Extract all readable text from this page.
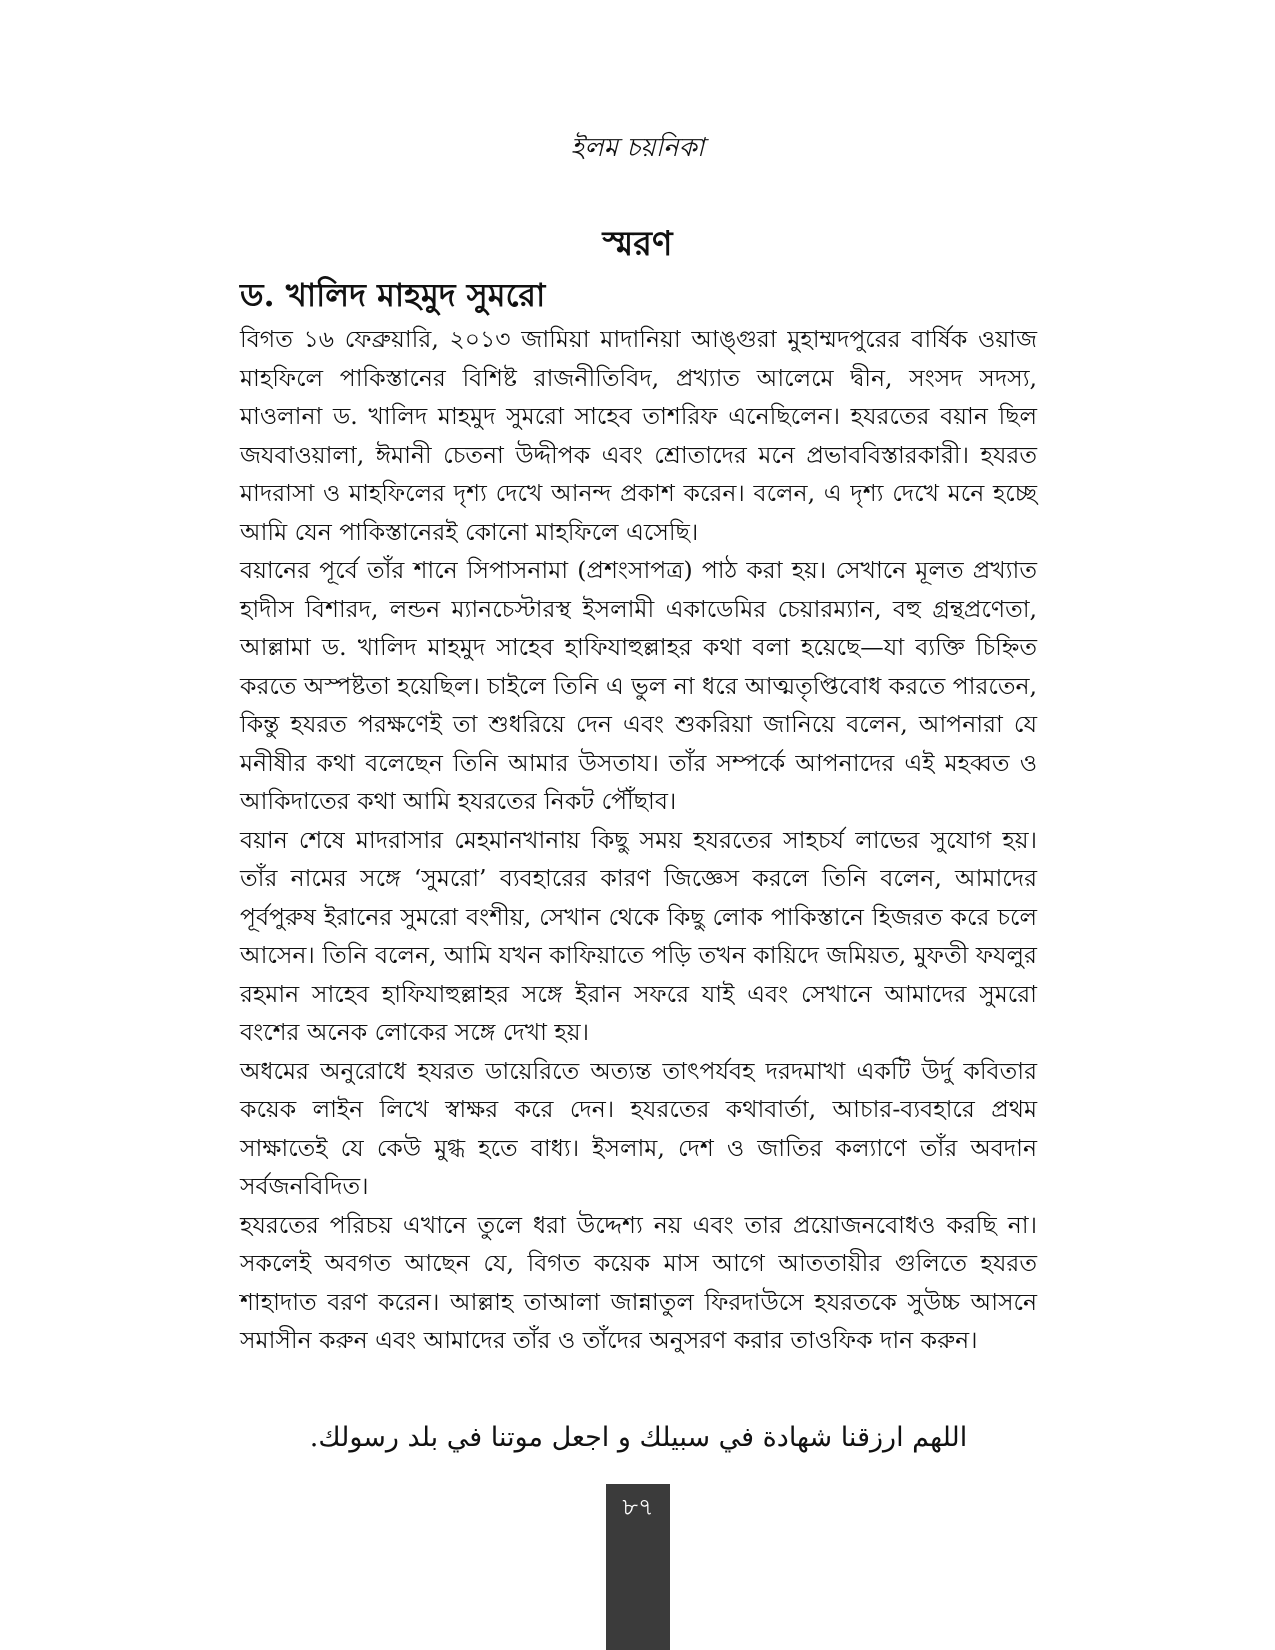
ইলম চয়নিকা
স্মরণ
ড. খালিদ মাহমুদ সুমরো

বিগত ১৬ ফেব্রুয়ারি, ২০১৩ জামিয়া মাদানিয়া আঙ্গুরা মুহাম্মদপুরের বার্ষিক ওয়াজ মাহফিলে পাকিস্তানের বিশিষ্ট রাজনীতিবিদ, প্রখ্যাত আলেমে দ্বীন, সংসদ সদস্য, মাওলানা ড. খালিদ মাহমুদ সুমরো সাহেব তাশরিফ এনেছিলেন। হযরতের বয়ান ছিল জযবাওয়ালা, ঈমানী চেতনা উদ্দীপক এবং শ্রোতাদের মনে প্রভাববিস্তারকারী। হযরত মাদরাসা ও মাহফিলের দৃশ্য দেখে আনন্দ প্রকাশ করেন। বলেন, এ দৃশ্য দেখে মনে হচ্ছে আমি যেন পাকিস্তানেরই কোনো মাহফিলে এসেছি।

বয়ানের পূর্বে তাঁর শানে সিপাসনামা (প্রশংসাপত্র) পাঠ করা হয়। সেখানে মূলত প্রখ্যাত হাদীস বিশারদ, লন্ডন ম্যানচেস্টারস্থ ইসলামী একাডেমির চেয়ারম্যান, বহু গ্রন্থপ্রণেতা, আল্লামা ড. খালিদ মাহমুদ সাহেব হাফিযাহুল্লাহর কথা বলা হয়েছে—যা ব্যক্তি চিহ্নিত করতে অস্পষ্টতা হয়েছিল। চাইলে তিনি এ ভুল না ধরে আত্মতৃপ্তিবোধ করতে পারতেন, কিন্তু হযরত পরক্ষণেই তা শুধরিয়ে দেন এবং শুকরিয়া জানিয়ে বলেন, আপনারা যে মনীষীর কথা বলেছেন তিনি আমার উসতায। তাঁর সম্পর্কে আপনাদের এই মহব্বত ও আকিদাতের কথা আমি হযরতের নিকট পৌঁছাব।

বয়ান শেষে মাদরাসার মেহমানখানায় কিছু সময় হযরতের সাহচর্য লাভের সুযোগ হয়। তাঁর নামের সঙ্গে ‘সুমরো’ ব্যবহারের কারণ জিজ্ঞেস করলে তিনি বলেন, আমাদের পূর্বপুরুষ ইরানের সুমরো বংশীয়, সেখান থেকে কিছু লোক পাকিস্তানে হিজরত করে চলে আসেন। তিনি বলেন, আমি যখন কাফিয়াতে পড়ি তখন কায়িদে জমিয়ত, মুফতী ফযলুর রহমান সাহেব হাফিযাহুল্লাহর সঙ্গে ইরান সফরে যাই এবং সেখানে আমাদের সুমরো বংশের অনেক লোকের সঙ্গে দেখা হয়।

অধমের অনুরোধে হযরত ডায়েরিতে অত্যন্ত তাৎপর্যবহ দরদমাখা একটি উর্দু কবিতার কয়েক লাইন লিখে স্বাক্ষর করে দেন। হযরতের কথাবার্তা, আচার-ব্যবহারে প্রথম সাক্ষাতেই যে কেউ মুগ্ধ হতে বাধ্য। ইসলাম, দেশ ও জাতির কল্যাণে তাঁর অবদান সর্বজনবিদিত।

হযরতের পরিচয় এখানে তুলে ধরা উদ্দেশ্য নয় এবং তার প্রয়োজনবোধও করছি না। সকলেই অবগত আছেন যে, বিগত কয়েক মাস আগে আততায়ীর গুলিতে হযরত শাহাদাত বরণ করেন। আল্লাহ তাআলা জান্নাতুল ফিরদাউসে হযরতকে সুউচ্চ আসনে সমাসীন করুন এবং আমাদের তাঁর ও তাঁদের অনুসরণ করার তাওফিক দান করুন।

اللهم ارزقنا شهادة في سبيلك و اجعل موتنا في بلد رسولك.
৮৭
